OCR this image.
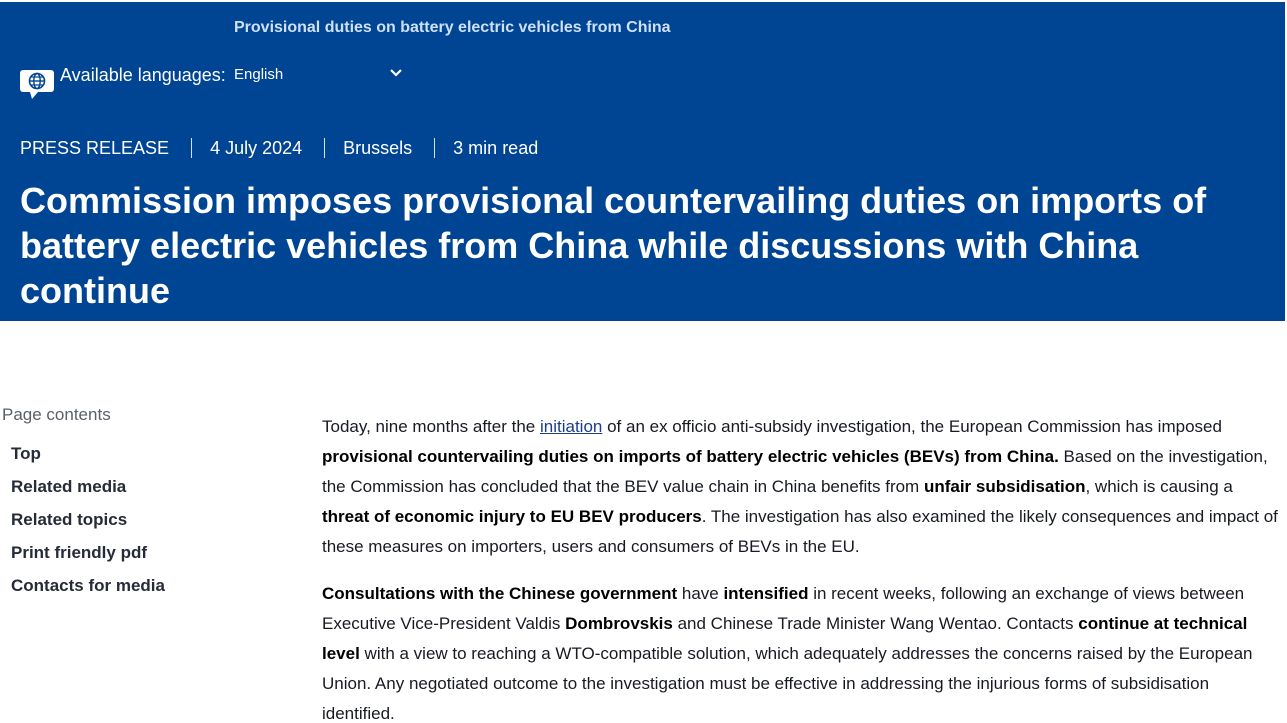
Provisional duties on battery electric vehicles from China
Available languages: English
PRESS RELEASE 4 July 2024 Brussels 3 min read
Commission imposes provisional countervailing duties on imports of battery electric vehicles from China while discussions with China continue
Page contents
Top
Related media
Related topics
Print friendly pdf
Contacts for media

Today, nine months after the initiation of an ex officio anti-subsidy investigation, the European Commission has imposed provisional countervailing duties on imports of battery electric vehicles (BEVs) from China. Based on the investigation, the Commission has concluded that the BEV value chain in China benefits from unfair subsidisation, which is causing a threat of economic injury to EU BEV producers. The investigation has also examined the likely consequences and impact of these measures on importers, users and consumers of BEVs in the EU.

Consultations with the Chinese government have intensified in recent weeks, following an exchange of views between Executive Vice-President Valdis Dombrovskis and Chinese Trade Minister Wang Wentao. Contacts continue at technical level with a view to reaching a WTO-compatible solution, which adequately addresses the concerns raised by the European Union. Any negotiated outcome to the investigation must be effective in addressing the injurious forms of subsidisation identified.
